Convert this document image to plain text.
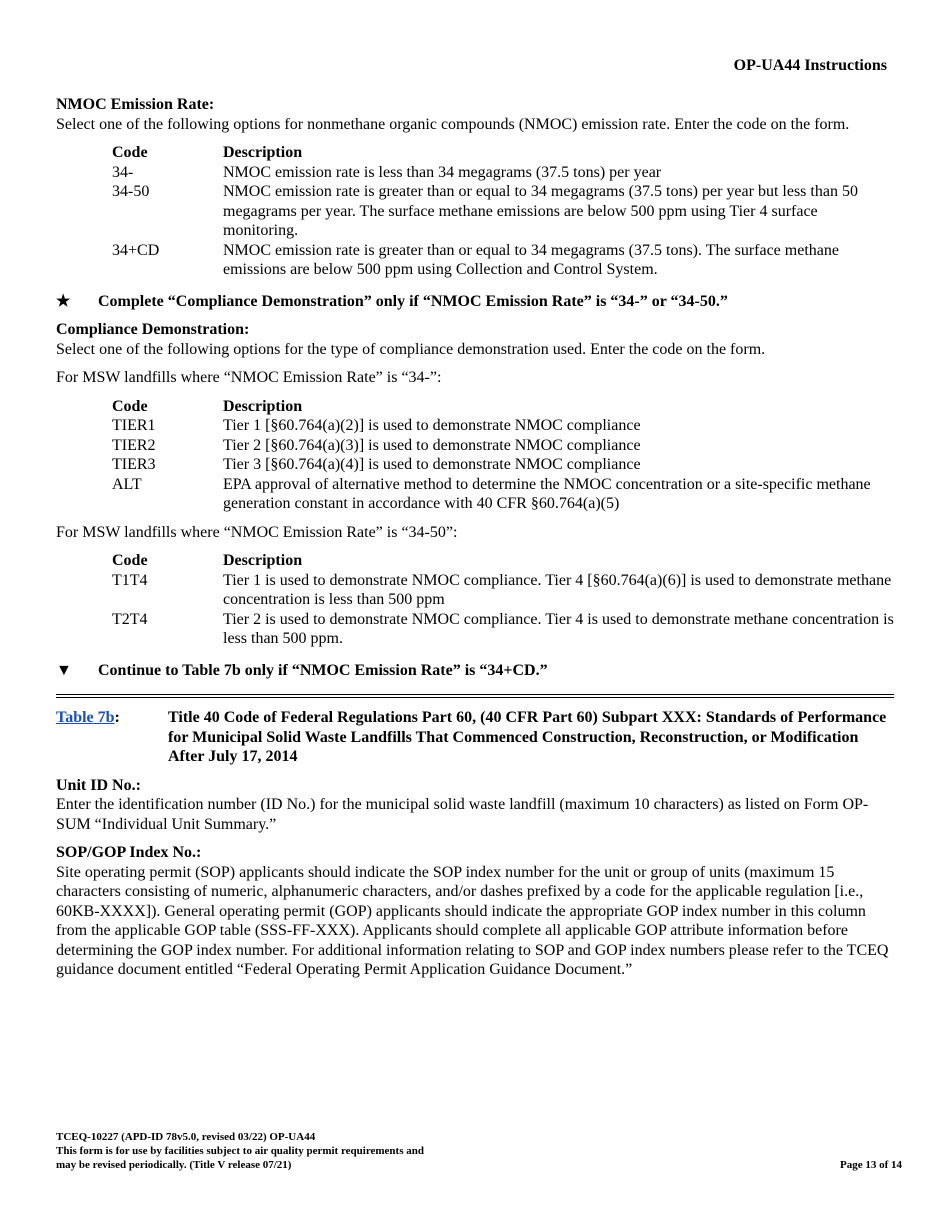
OP-UA44 Instructions

NMOC Emission Rate:

Select one of the following options for nonmethane organic compounds (NMOC) emission rate. Enter the code on the form.

Code	Description
34-	NMOC emission rate is less than 34 megagrams (37.5 tons) per year
34-50	NMOC emission rate is greater than or equal to 34 megagrams (37.5 tons) per year but less than 50 megagrams per year. The surface methane emissions are below 500 ppm using Tier 4 surface monitoring.
34+CD	NMOC emission rate is greater than or equal to 34 megagrams (37.5 tons). The surface methane emissions are below 500 ppm using Collection and Control System.

★	Complete “Compliance Demonstration” only if “NMOC Emission Rate” is “34-” or “34-50.”

Compliance Demonstration:

Select one of the following options for the type of compliance demonstration used. Enter the code on the form.

For MSW landfills where “NMOC Emission Rate” is “34-”:

Code	Description
TIER1	Tier 1 [§60.764(a)(2)] is used to demonstrate NMOC compliance
TIER2	Tier 2 [§60.764(a)(3)] is used to demonstrate NMOC compliance
TIER3	Tier 3 [§60.764(a)(4)] is used to demonstrate NMOC compliance
ALT	EPA approval of alternative method to determine the NMOC concentration or a site-specific methane generation constant in accordance with 40 CFR §60.764(a)(5)

For MSW landfills where “NMOC Emission Rate” is “34-50”:

Code	Description
T1T4	Tier 1 is used to demonstrate NMOC compliance. Tier 4 [§60.764(a)(6)] is used to demonstrate methane concentration is less than 500 ppm
T2T4	Tier 2 is used to demonstrate NMOC compliance. Tier 4 is used to demonstrate methane concentration is less than 500 ppm.

▼ Continue to Table 7b only if “NMOC Emission Rate” is “34+CD.”

Table 7b:	Title 40 Code of Federal Regulations Part 60, (40 CFR Part 60) Subpart XXX: Standards of Performance for Municipal Solid Waste Landfills That Commenced Construction, Reconstruction, or Modification After July 17, 2014

Unit ID No.:

Enter the identification number (ID No.) for the municipal solid waste landfill (maximum 10 characters) as listed on Form OP-SUM “Individual Unit Summary.”

SOP/GOP Index No.:

Site operating permit (SOP) applicants should indicate the SOP index number for the unit or group of units (maximum 15 characters consisting of numeric, alphanumeric characters, and/or dashes prefixed by a code for the applicable regulation [i.e., 60KB-XXXX]). General operating permit (GOP) applicants should indicate the appropriate GOP index number in this column from the applicable GOP table (SSS-FF-XXX). Applicants should complete all applicable GOP attribute information before determining the GOP index number. For additional information relating to SOP and GOP index numbers please refer to the TCEQ guidance document entitled “Federal Operating Permit Application Guidance Document.”

TCEQ-10227 (APD-ID 78v5.0, revised 03/22) OP-UA44
This form is for use by facilities subject to air quality permit requirements and
may be revised periodically. (Title V release 07/21)	Page 13 of 14
